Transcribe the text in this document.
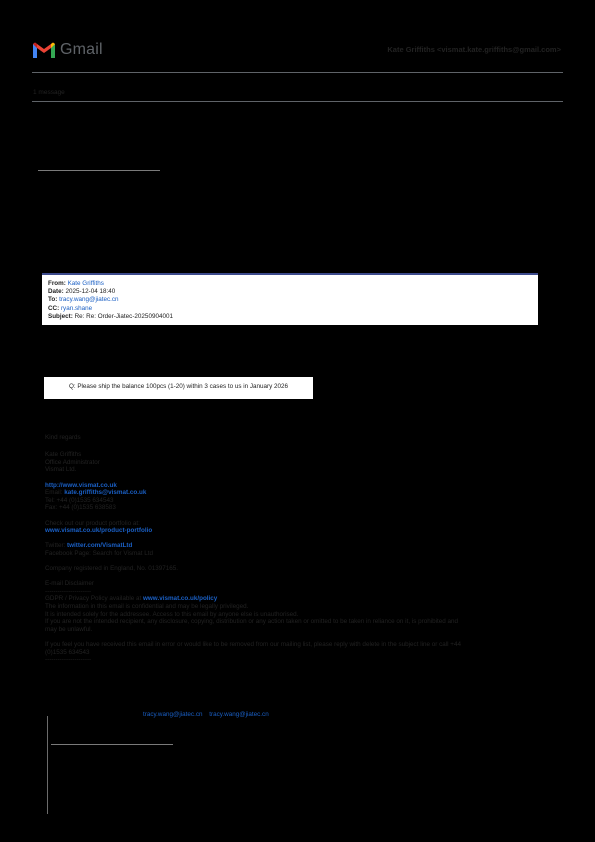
Gmail	Kate Griffiths <vismat.kate.griffiths@gmail.com>
1 message
From: Kate Griffiths
Date: 2025-12-04 18:40
To: tracy.wang@jiatec.cn
CC: ryan.shane
Subject: Re: Re: Order-Jiatec-20250904001
Q: Please ship the balance 100pcs (1-20) within 3 cases to us in January 2026

Kind regards

Kate Griffiths

Office Administrator

Vismat Ltd.

http://www.vismat.co.uk

Email: kate.griffiths@vismat.co.uk

Tel: +44 (0)1535 634543

Fax: +44 (0)1535 638583

Check out our product portfolio at:

www.vismat.co.uk/product-portfolio

Twitter: twitter.com/VismatLtd

Facebook Page: Search for Vismat Ltd

Company registered in England, No. 01397165.

E-mail Disclaimer

----------------------

GDPR / Privacy Policy available at www.vismat.co.uk/policy

The information in this email is confidential and may be legally privileged.

It is intended solely for the addressee. Access to this email by anyone else is unauthorised.

If you are not the intended recipient, any disclosure, copying, distribution or any action taken or omitted to be taken in reliance on it, is prohibited and

may be unlawful.

If you feel you have received this email in error or would like to be removed from our mailing list, please reply with delete in the subject line or call +44

(0)1535 634543

----------------------

tracy.wang@jiatec.cn tracy.wang@jiatec.cn
